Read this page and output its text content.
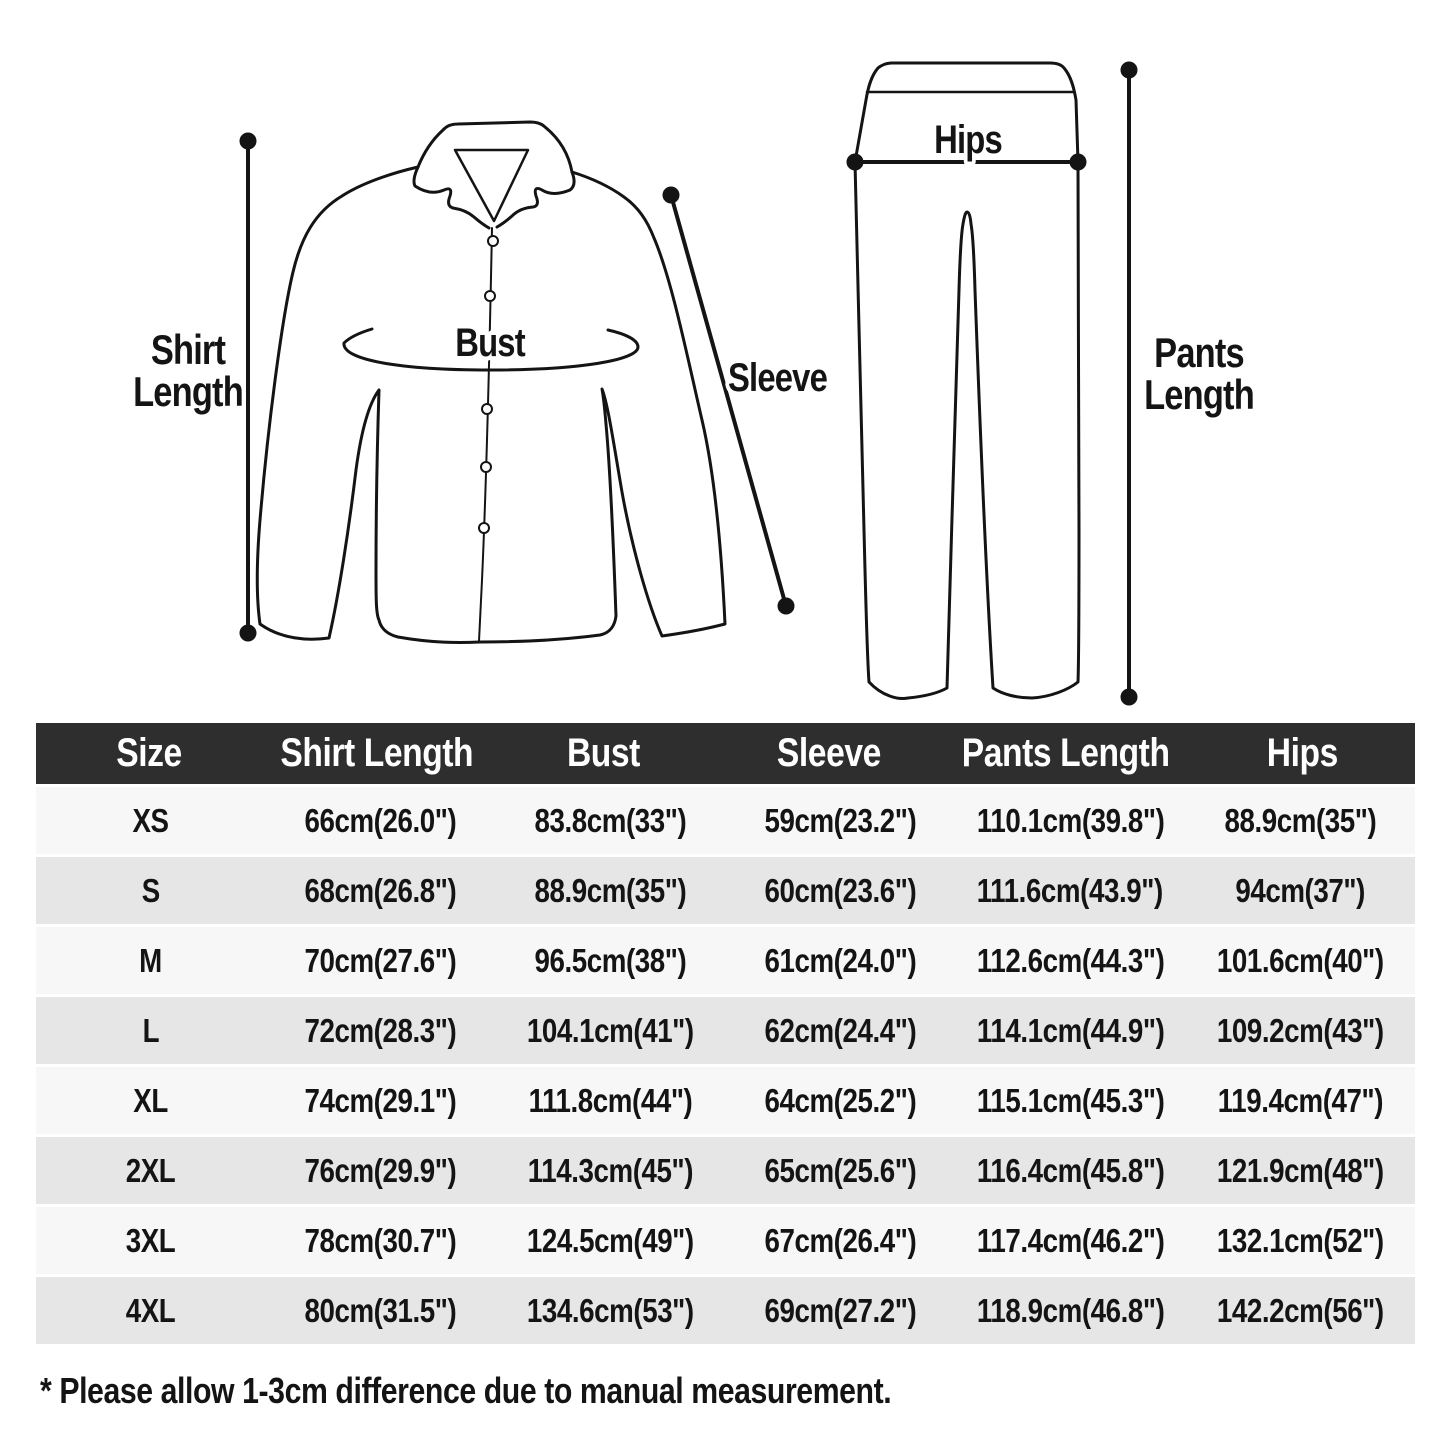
Shirt
Length
Bust
Sleeve
Hips
Pants
Length
Size	Shirt Length	Bust	Sleeve	Pants Length	Hips
XS	66cm(26.0")	83.8cm(33")	59cm(23.2")	110.1cm(39.8")	88.9cm(35")
S	68cm(26.8")	88.9cm(35")	60cm(23.6")	111.6cm(43.9")	94cm(37")
M	70cm(27.6")	96.5cm(38")	61cm(24.0")	112.6cm(44.3")	101.6cm(40")
L	72cm(28.3")	104.1cm(41")	62cm(24.4")	114.1cm(44.9")	109.2cm(43")
XL	74cm(29.1")	111.8cm(44")	64cm(25.2")	115.1cm(45.3")	119.4cm(47")
2XL	76cm(29.9")	114.3cm(45")	65cm(25.6")	116.4cm(45.8")	121.9cm(48")
3XL	78cm(30.7")	124.5cm(49")	67cm(26.4")	117.4cm(46.2")	132.1cm(52")
4XL	80cm(31.5")	134.6cm(53")	69cm(27.2")	118.9cm(46.8")	142.2cm(56")
* Please allow 1-3cm difference due to manual measurement.
